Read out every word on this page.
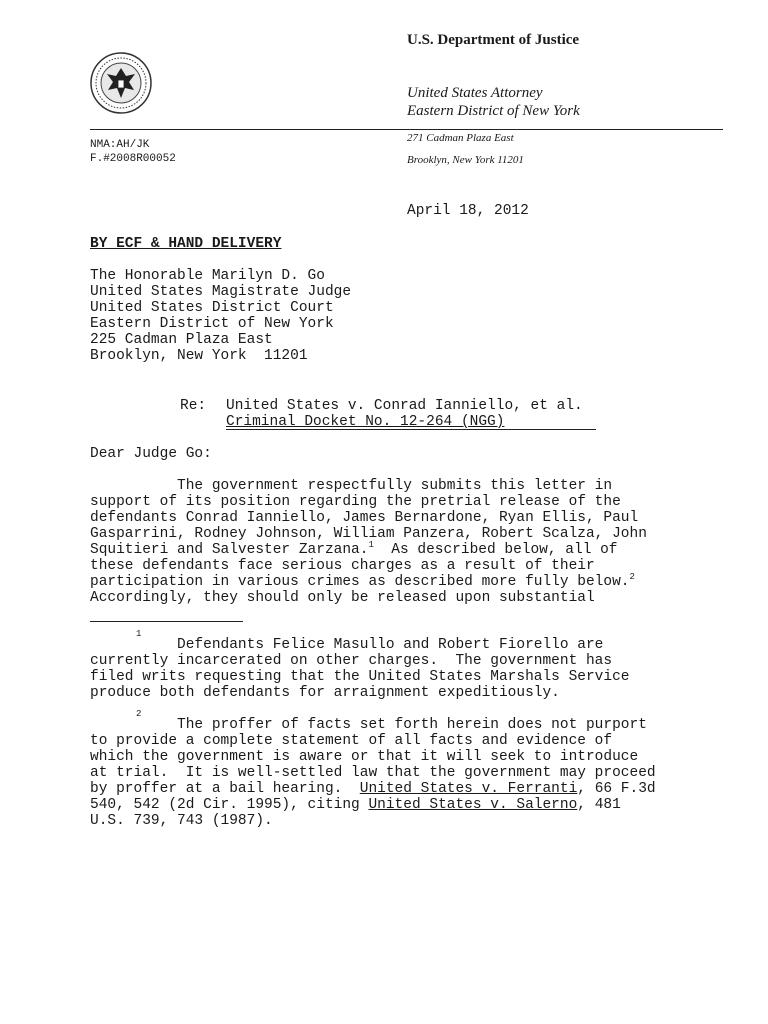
U.S. Department of Justice
United States Attorney
Eastern District of New York
271 Cadman Plaza East
Brooklyn, New York 11201
NMA:AH/JK
F.#2008R00052
April 18, 2012
BY ECF & HAND DELIVERY
The Honorable Marilyn D. Go
United States Magistrate Judge
United States District Court
Eastern District of New York
225 Cadman Plaza East
Brooklyn, New York  11201
Re: United States v. Conrad Ianniello, et al.
Criminal Docket No. 12-264 (NGG)
Dear Judge Go:
The government respectfully submits this letter in
support of its position regarding the pretrial release of the
defendants Conrad Ianniello, James Bernardone, Ryan Ellis, Paul
Gasparrini, Rodney Johnson, William Panzera, Robert Scalza, John
Squitieri and Salvester Zarzana.$^1$  As described below, all of
these defendants face serious charges as a result of their
participation in various crimes as described more fully below.$^2$
Accordingly, they should only be released upon substantial
$^1$
Defendants Felice Masullo and Robert Fiorello are
currently incarcerated on other charges.  The government has
filed writs requesting that the United States Marshals Service
produce both defendants for arraignment expeditiously.
$^2$
The proffer of facts set forth herein does not purport
to provide a complete statement of all facts and evidence of
which the government is aware or that it will seek to introduce
at trial.  It is well-settled law that the government may proceed
by proffer at a bail hearing.  United States v. Ferranti, 66 F.3d
540, 542 (2d Cir. 1995), citing United States v. Salerno, 481
U.S. 739, 743 (1987).
